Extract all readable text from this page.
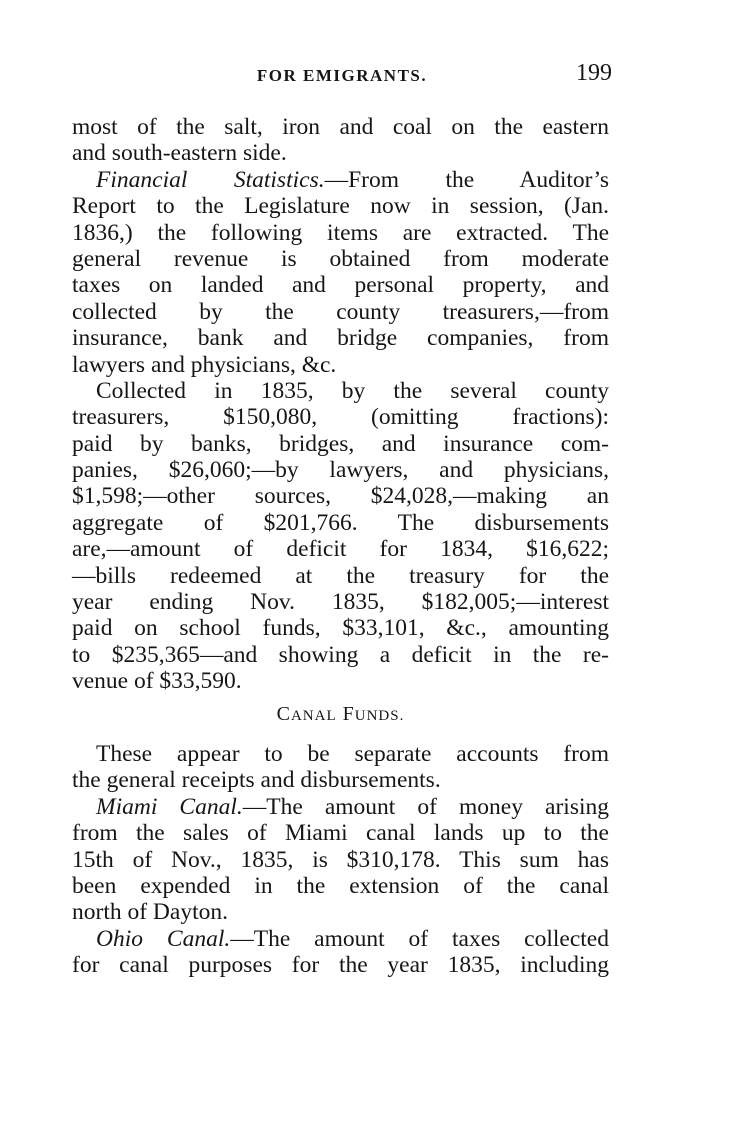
FOR EMIGRANTS.	199

most of the salt, iron and coal on the eastern
and south-eastern side.

Financial Statistics.—From the Auditor’s
Report to the Legislature now in session, (Jan.
1836,) the following items are extracted. The
general revenue is obtained from moderate
taxes on landed and personal property, and
collected by the county treasurers,—from
insurance, bank and bridge companies, from
lawyers and physicians, &c.

Collected in 1835, by the several county
treasurers, $150,080, (omitting fractions):
paid by banks, bridges, and insurance com-
panies, $26,060;—by lawyers, and physicians,
$1,598;—other sources, $24,028,—making an
aggregate of $201,766. The disbursements
are,—amount of deficit for 1834, $16,622;
—bills redeemed at the treasury for the
year ending Nov. 1835, $182,005;—interest
paid on school funds, $33,101, &c., amounting
to $235,365—and showing a deficit in the re-
venue of $33,590.

CANAL FUNDS.

These appear to be separate accounts from
the general receipts and disbursements.

Miami Canal.—The amount of money arising
from the sales of Miami canal lands up to the
15th of Nov., 1835, is $310,178. This sum has
been expended in the extension of the canal
north of Dayton.

Ohio Canal.—The amount of taxes collected
for canal purposes for the year 1835, including
